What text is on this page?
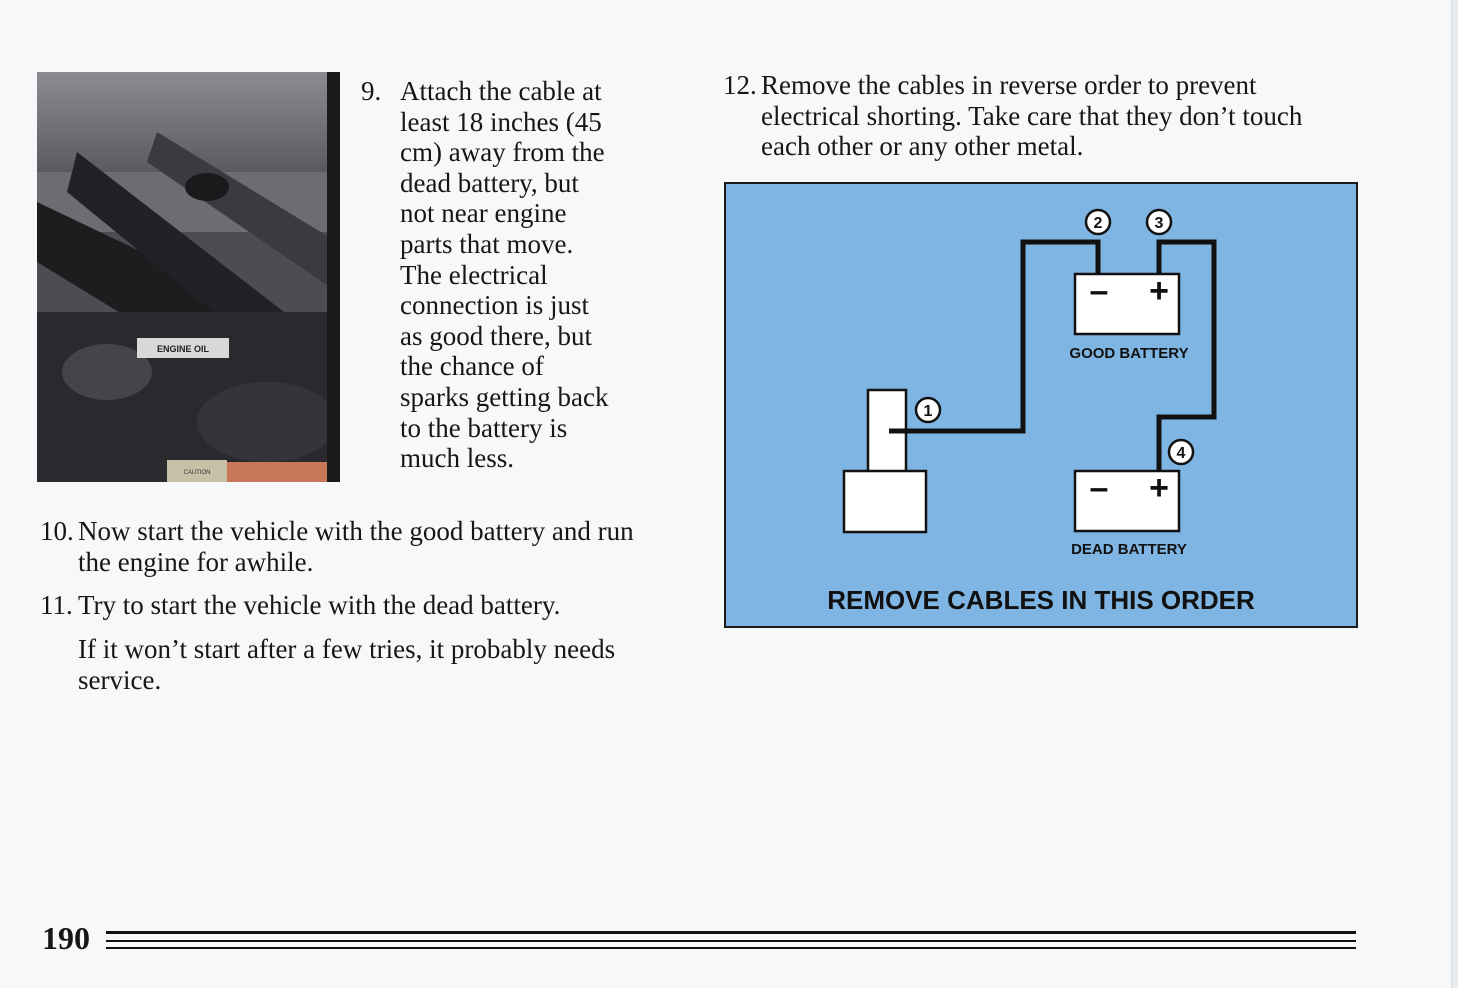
ENGINE OIL
CAUTION
9. Attach the cable at
least 18 inches (45
cm) away from the
dead battery, but
not near engine
parts that move.
The electrical
connection is just
as good there, but
the chance of
sparks getting back
to the battery is
much less.
10. Now start the vehicle with the good battery and run
the engine for awhile.
11. Try to start the vehicle with the dead battery.
If it won’t start after a few tries, it probably needs
service.
12. Remove the cables in reverse order to prevent
electrical shorting. Take care that they don’t touch
each other or any other metal.
– +
GOOD BATTERY
– +
DEAD BATTERY
1
2	3
4
REMOVE CABLES IN THIS ORDER
190
